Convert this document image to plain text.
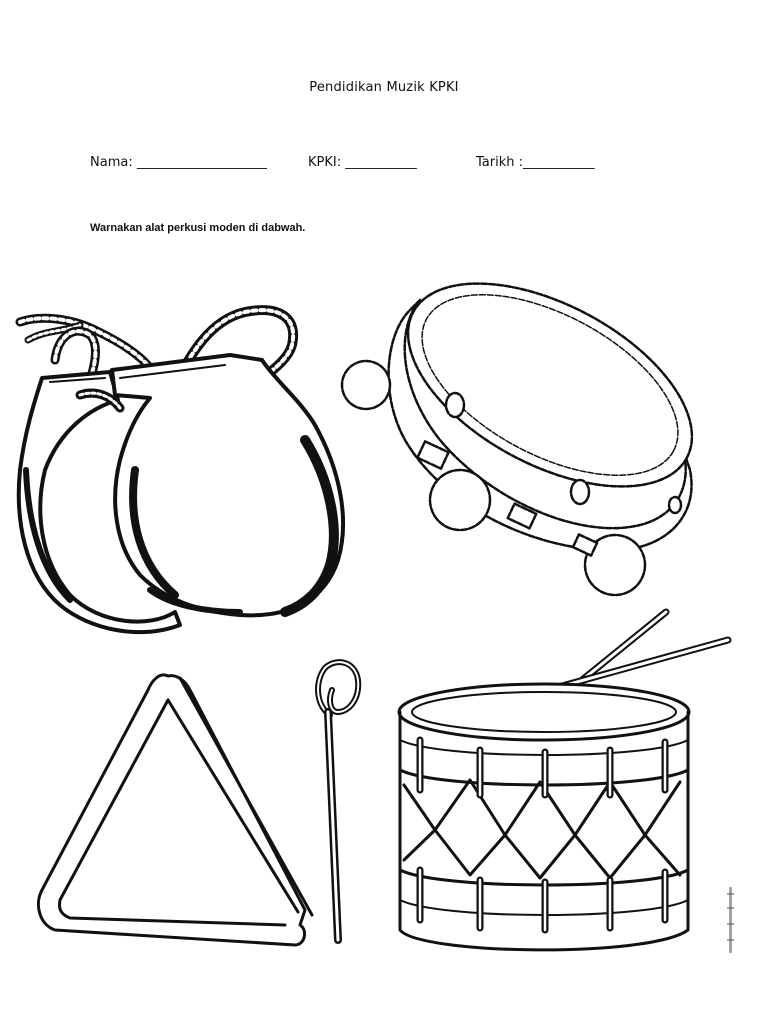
Pendidikan Muzik KPKI

Nama: ____________________

	KPKI: ___________

	Tarikh :___________

Warnakan alat perkusi moden di dabwah.
